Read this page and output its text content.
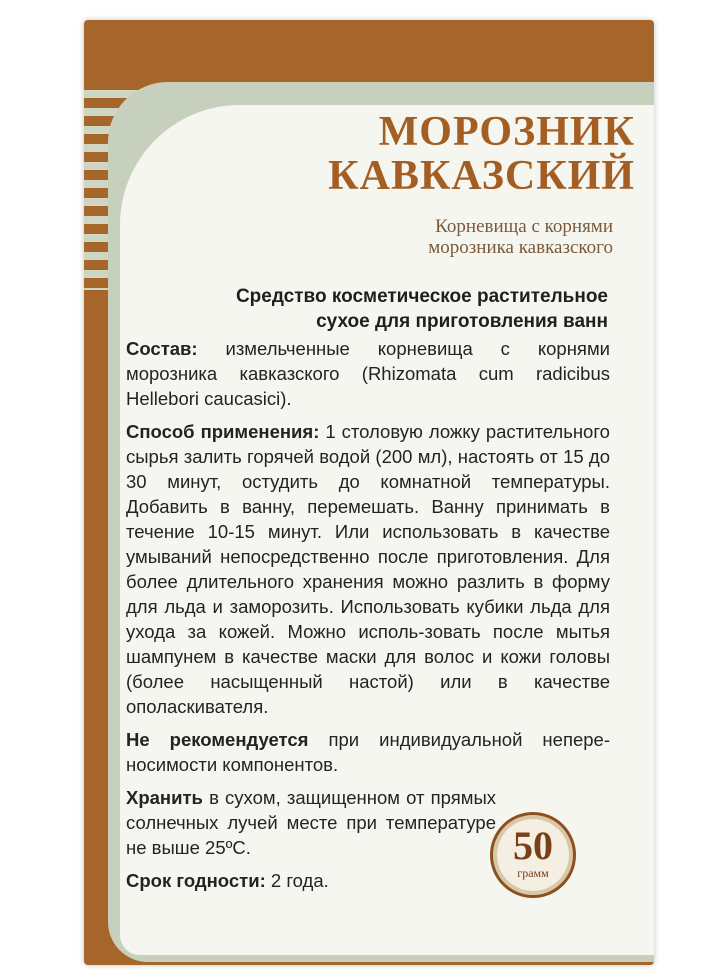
МОРОЗНИК
КАВКАЗСКИЙ
Корневища с корнями
морозника кавказского
Средство косметическое растительное
сухое для приготовления ванн

Состав: измельченные корневища с корнями морозника кавказского (Rhizomata cum radicibus Hellebori caucasici).

Способ применения: 1 столовую ложку растительного сырья залить горячей водой (200 мл), настоять от 15 до 30 минут, остудить до комнатной температуры. Добавить в ванну, перемешать. Ванну принимать в течение 10-15 минут. Или использовать в качестве умываний непосредственно после приготовления. Для более длительного хранения можно разлить в форму для льда и заморозить. Использовать кубики льда для ухода за кожей. Можно исполь-зовать после мытья шампунем в качестве маски для волос и кожи головы (более насыщенный настой) или в качестве ополаскивателя.

Не рекомендуется при индивидуальной непере-носимости компонентов.

Хранить в сухом, защищенном от прямых солнечных лучей месте при температуре не выше 25ºС.

Срок годности: 2 года.

50
грамм
